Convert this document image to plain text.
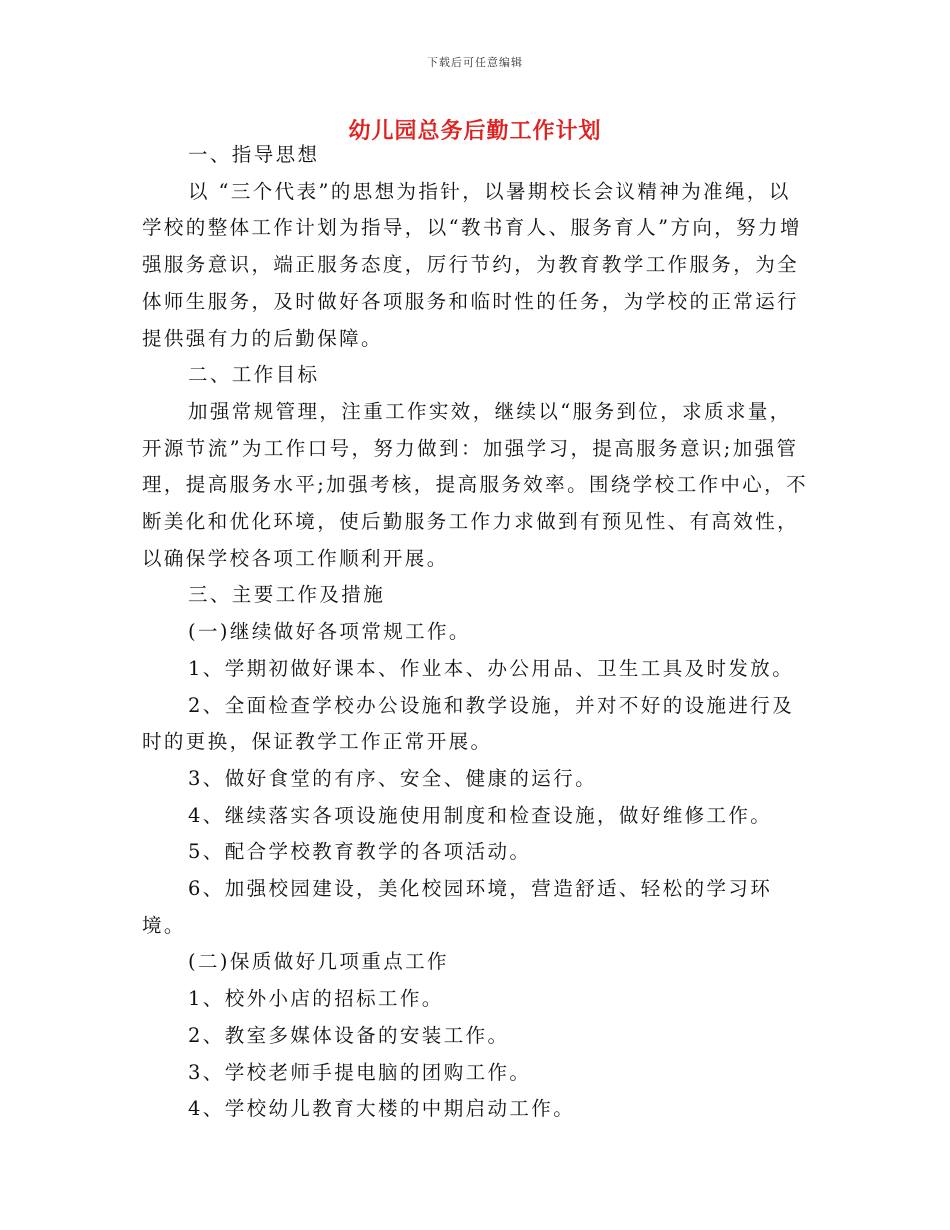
下载后可任意编辑
幼儿园总务后勤工作计划

一、指导思想

以 “三个代表”的思想为指针，以暑期校长会议精神为准绳，以学校的整体工作计划为指导，以“教书育人、服务育人”方向，努力增强服务意识，端正服务态度，厉行节约，为教育教学工作服务，为全体师生服务，及时做好各项服务和临时性的任务，为学校的正常运行提供强有力的后勤保障。

二、工作目标

加强常规管理，注重工作实效，继续以“服务到位，求质求量，开源节流”为工作口号，努力做到：加强学习，提高服务意识;加强管理，提高服务水平;加强考核，提高服务效率。围绕学校工作中心，不断美化和优化环境，使后勤服务工作力求做到有预见性、有高效性，以确保学校各项工作顺利开展。

三、主要工作及措施

(一)继续做好各项常规工作。

1、学期初做好课本、作业本、办公用品、卫生工具及时发放。

2、全面检查学校办公设施和教学设施，并对不好的设施进行及时的更换，保证教学工作正常开展。

3、做好食堂的有序、安全、健康的运行。

4、继续落实各项设施使用制度和检查设施，做好维修工作。

5、配合学校教育教学的各项活动。

6、加强校园建设，美化校园环境，营造舒适、轻松的学习环境。

(二)保质做好几项重点工作

1、校外小店的招标工作。

2、教室多媒体设备的安装工作。

3、学校老师手提电脑的团购工作。

4、学校幼儿教育大楼的中期启动工作。
